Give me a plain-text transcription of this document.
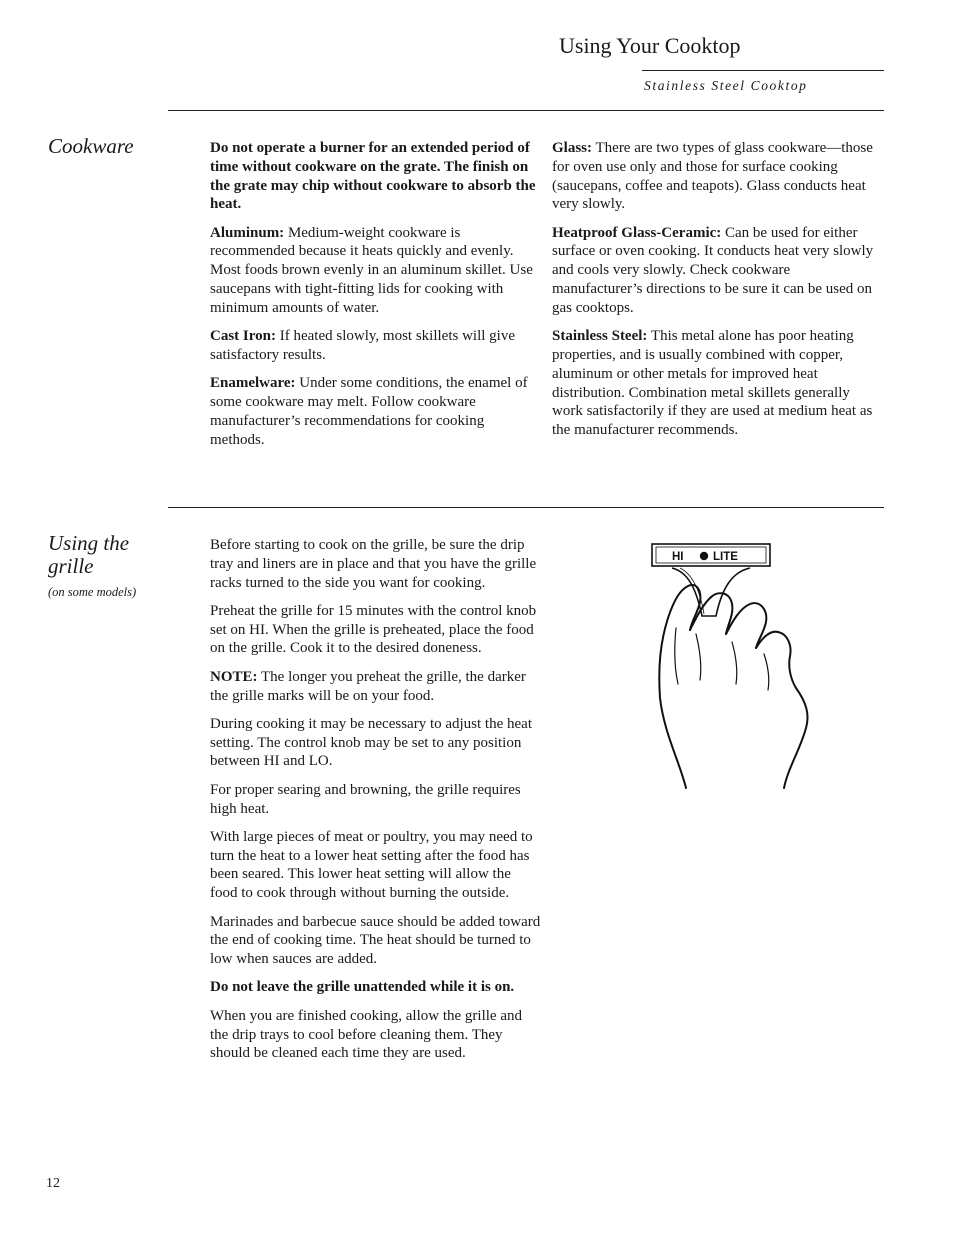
Using Your Cooktop
Stainless Steel Cooktop
Cookware	Do not operate a burner for an extended period of time without cookware on the grate. The finish on the grate may chip without cookware to absorb the heat.

Aluminum: Medium-weight cookware is recommended because it heats quickly and evenly. Most foods brown evenly in an aluminum skillet. Use saucepans with tight-fitting lids for cooking with minimum amounts of water.

Cast Iron: If heated slowly, most skillets will give satisfactory results.

Enamelware: Under some conditions, the enamel of some cookware may melt. Follow cookware manufacturer’s recommendations for cooking methods.

Glass: There are two types of glass cookware—those for oven use only and those for surface cooking (saucepans, coffee and teapots). Glass conducts heat very slowly.

Heatproof Glass-Ceramic: Can be used for either surface or oven cooking. It conducts heat very slowly and cools very slowly. Check cookware manufacturer’s directions to be sure it can be used on gas cooktops.

Stainless Steel: This metal alone has poor heating properties, and is usually combined with copper, aluminum or other metals for improved heat distribution. Combination metal skillets generally work satisfactorily if they are used at medium heat as the manufacturer recommends.

Using the grille
(on some models)

Before starting to cook on the grille, be sure the drip tray and liners are in place and that you have the grille racks turned to the side you want for cooking.

Preheat the grille for 15 minutes with the control knob set on HI. When the grille is preheated, place the food on the grille. Cook it to the desired doneness.

NOTE: The longer you preheat the grille, the darker the grille marks will be on your food.

During cooking it may be necessary to adjust the heat setting. The control knob may be set to any position between HI and LO.

For proper searing and browning, the grille requires high heat.

With large pieces of meat or poultry, you may need to turn the heat to a lower heat setting after the food has been seared. This lower heat setting will allow the food to cook through without burning the outside.

Marinades and barbecue sauce should be added toward the end of cooking time. The heat should be turned to low when sauces are added.

Do not leave the grille unattended while it is on.

When you are finished cooking, allow the grille and the drip trays to cool before cleaning them. They should be cleaned each time they are used.

HI	LITE
12
